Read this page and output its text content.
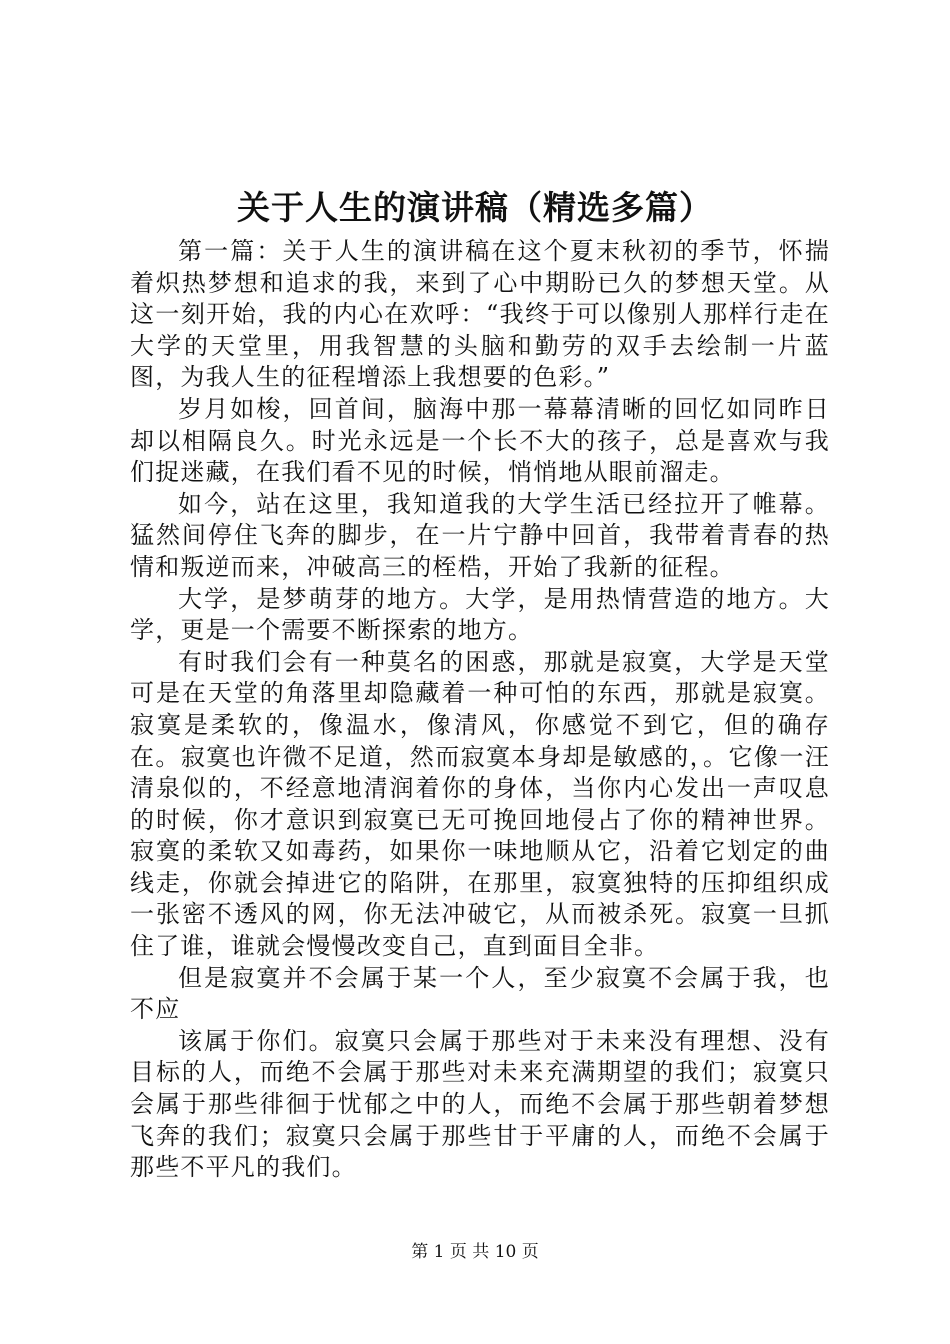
关于人生的演讲稿（精选多篇）

第一篇：关于人生的演讲稿在这个夏末秋初的季节，怀揣着炽热梦想和追求的我，来到了心中期盼已久的梦想天堂。从这一刻开始，我的内心在欢呼：“我终于可以像别人那样行走在大学的天堂里，用我智慧的头脑和勤劳的双手去绘制一片蓝图，为我人生的征程增添上我想要的色彩。”

岁月如梭，回首间，脑海中那一幕幕清晰的回忆如同昨日却以相隔良久。时光永远是一个长不大的孩子，总是喜欢与我们捉迷藏，在我们看不见的时候，悄悄地从眼前溜走。

如今，站在这里，我知道我的大学生活已经拉开了帷幕。猛然间停住飞奔的脚步，在一片宁静中回首，我带着青春的热情和叛逆而来，冲破高三的桎梏，开始了我新的征程。

大学，是梦萌芽的地方。大学，是用热情营造的地方。大学，更是一个需要不断探索的地方。

有时我们会有一种莫名的困惑，那就是寂寞，大学是天堂可是在天堂的角落里却隐藏着一种可怕的东西，那就是寂寞。寂寞是柔软的，像温水，像清风，你感觉不到它，但的确存在。寂寞也许微不足道，然而寂寞本身却是敏感的，。它像一汪清泉似的，不经意地清润着你的身体，当你内心发出一声叹息的时候，你才意识到寂寞已无可挽回地侵占了你的精神世界。寂寞的柔软又如毒药，如果你一味地顺从它，沿着它划定的曲线走，你就会掉进它的陷阱，在那里，寂寞独特的压抑组织成一张密不透风的网，你无法冲破它，从而被杀死。寂寞一旦抓住了谁，谁就会慢慢改变自己，直到面目全非。

但是寂寞并不会属于某一个人，至少寂寞不会属于我，也不应

该属于你们。寂寞只会属于那些对于未来没有理想、没有目标的人，而绝不会属于那些对未来充满期望的我们；寂寞只会属于那些徘徊于忧郁之中的人，而绝不会属于那些朝着梦想飞奔的我们；寂寞只会属于那些甘于平庸的人，而绝不会属于那些不平凡的我们。

第 1 页 共 10 页
